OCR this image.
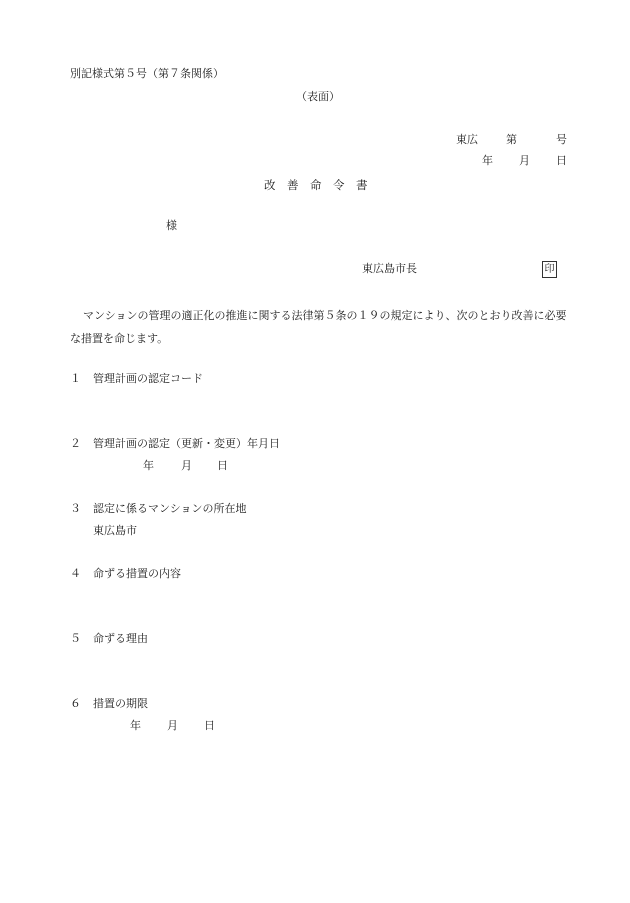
別記様式第５号（第７条関係）
（表面）
東広	第	号
年 月 日
改　善　命　令　書
様
東広島市長	印
マンションの管理の適正化の推進に関する法律第５条の１９の規定により、次のとおり改善に必要な措置を命じます。
１ 管理計画の認定コード
２ 管理計画の認定（更新・変更）年月日
年 月 日
３ 認定に係るマンションの所在地
東広島市
４ 命ずる措置の内容
５ 命ずる理由
６ 措置の期限
年 月 日
